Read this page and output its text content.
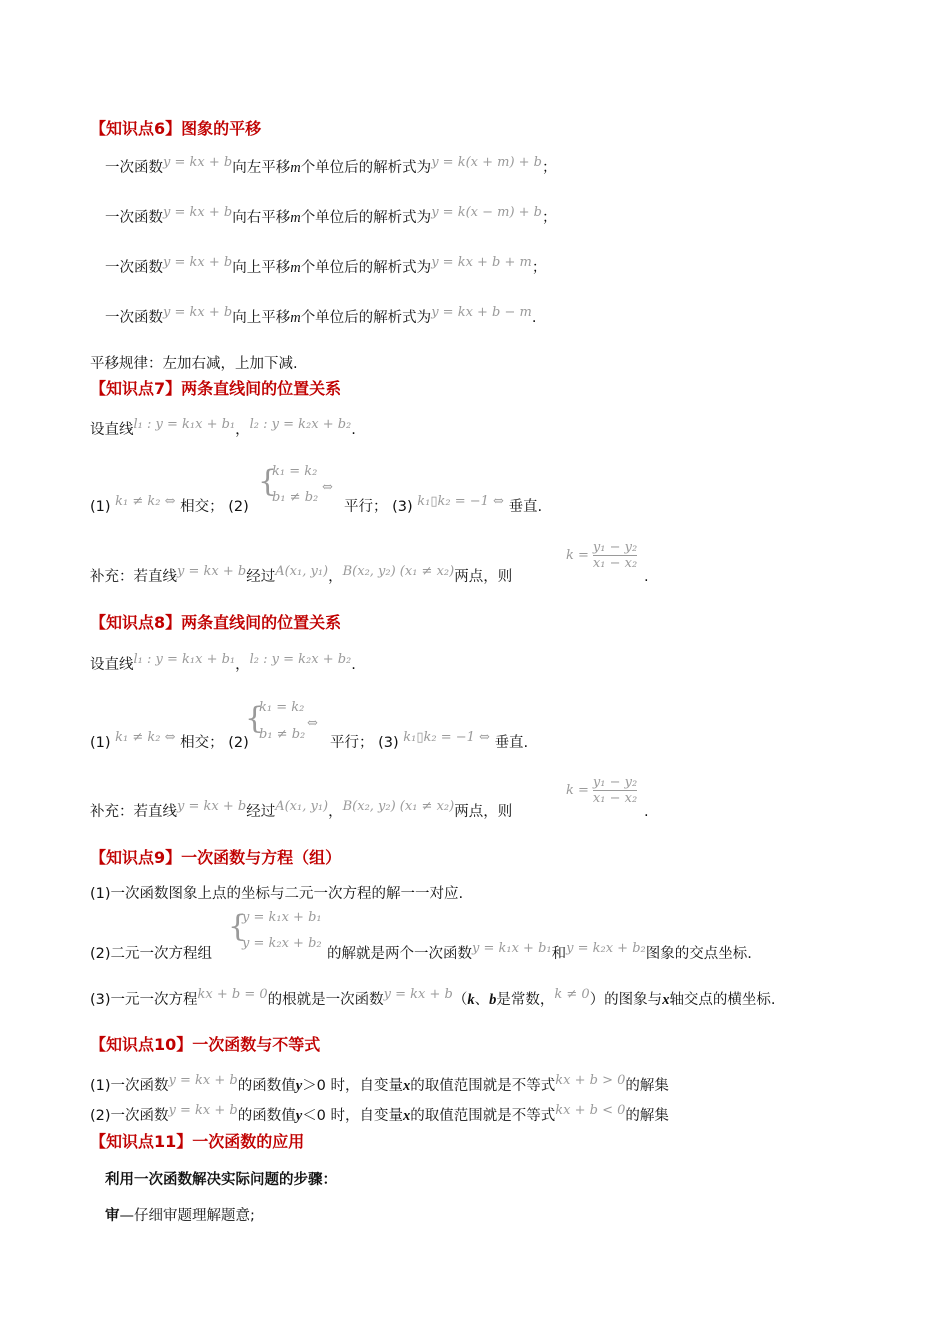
【知识点6】图象的平移
一次函数y = kx + b向左平移m个单位后的解析式为y = k(x + m) + b；
一次函数y = kx + b向右平移m个单位后的解析式为y = k(x − m) + b；
一次函数y = kx + b向上平移m个单位后的解析式为y = kx + b + m；
一次函数y = kx + b向上平移m个单位后的解析式为y = kx + b − m.
平移规律：左加右减，上加下减.
【知识点7】两条直线间的位置关系
设直线l₁ : y = k₁x + b₁，l₂ : y = k₂x + b₂.
{
k₁ = k₂
b₁ ≠ b₂
⇔
(1) k₁ ≠ k₂ ⇔ 相交； (2)	平行； (3) k₁▯k₂ = −1 ⇔ 垂直.
$k = \frac{\text{y₁ − y₂}}{\text{x₁ − x₂}}$
补充：若直线y = kx + b经过A(x₁, y₁)，B(x₂, y₂) (x₁ ≠ x₂)两点，则	.
【知识点8】两条直线间的位置关系
设直线l₁ : y = k₁x + b₁，l₂ : y = k₂x + b₂.
{
k₁ = k₂
b₁ ≠ b₂
⇔
(1) k₁ ≠ k₂ ⇔ 相交； (2)	平行； (3) k₁▯k₂ = −1 ⇔ 垂直.
$k = \frac{\text{y₁ − y₂}}{\text{x₁ − x₂}}$
补充：若直线y = kx + b经过A(x₁, y₁)，B(x₂, y₂) (x₁ ≠ x₂)两点，则	.
【知识点9】一次函数与方程（组）
(1)一次函数图象上点的坐标与二元一次方程的解一一对应.
{
y = k₁x + b₁
y = k₂x + b₂
(2)二元一次方程组	的解就是两个一次函数y = k₁x + b₁和y = k₂x + b₂图象的交点坐标.
(3)一元一次方程kx + b = 0的根就是一次函数y = kx + b（k、b是常数，k ≠ 0）的图象与x轴交点的横坐标.
【知识点10】一次函数与不等式
(1)一次函数y = kx + b的函数值y＞0 时，自变量x的取值范围就是不等式kx + b > 0的解集
(2)一次函数y = kx + b的函数值y＜0 时，自变量x的取值范围就是不等式kx + b < 0的解集
【知识点11】一次函数的应用
利用一次函数解决实际问题的步骤：
审—仔细审题理解题意;
